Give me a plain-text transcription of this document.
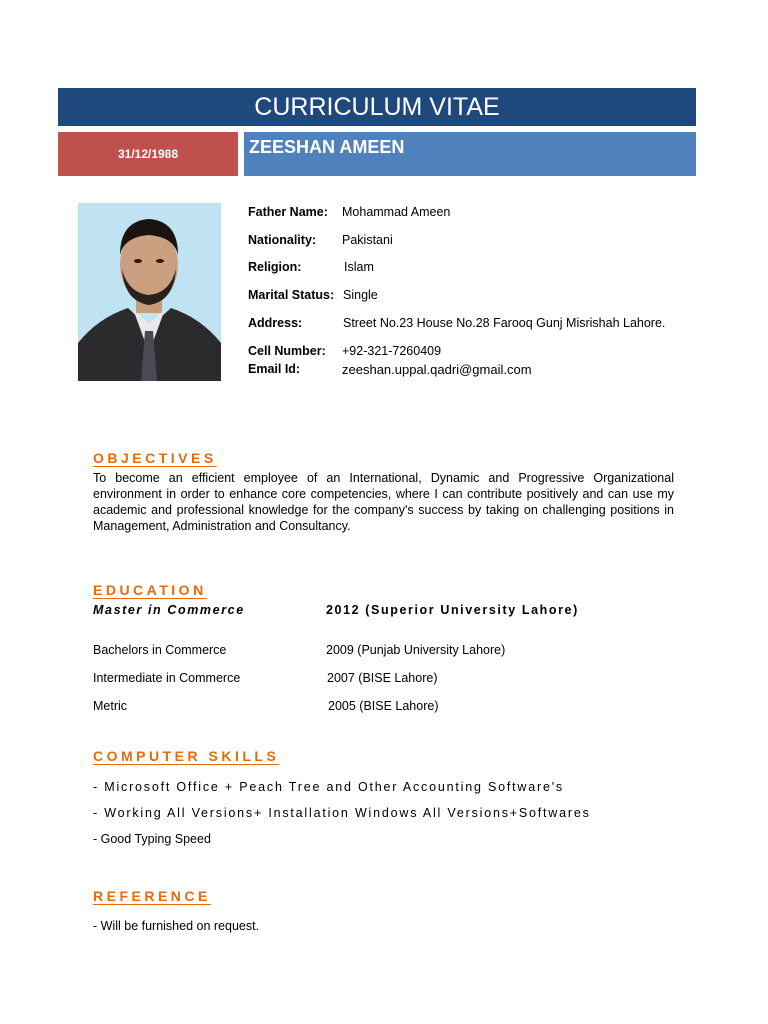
CURRICULUM VITAE
31/12/1988	ZEESHAN AMEEN
Father Name: Mohammad Ameen
Nationality: Pakistani
Religion:	Islam
Marital Status: Single
Address:	Street No.23 House No.28 Farooq Gunj Misrishah Lahore.
Cell Number: +92-321-7260409
Email Id:	zeeshan.uppal.qadri@gmail.com
OBJECTIVES
To become an efficient employee of an International, Dynamic and Progressive Organizational environment in order to enhance core competencies, where I can contribute positively and can use my academic and professional knowledge for the company's success by taking on challenging positions in Management, Administration and Consultancy.
EDUCATION
Master in Commerce	2012 (Superior University Lahore)
Bachelors in Commerce	2009 (Punjab University Lahore)
Intermediate in Commerce	2007 (BISE Lahore)
Metric	2005 (BISE Lahore)
COMPUTER SKILLS
- Microsoft Office + Peach Tree and Other Accounting Software's
- Working All Versions+ Installation Windows All Versions+Softwares
- Good Typing Speed
REFERENCE
- Will be furnished on request.
